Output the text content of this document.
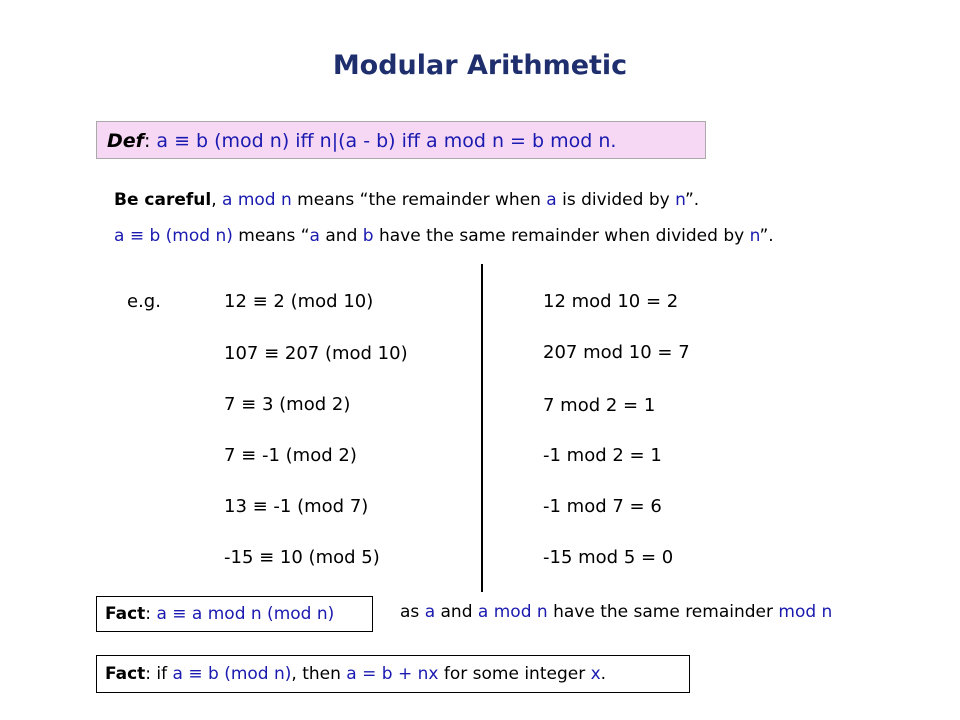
Modular Arithmetic
Def: a ≡ b (mod n) iff n|(a - b) iff a mod n = b mod n.
Be careful, a mod n means “the remainder when a is divided by n”.
a ≡ b (mod n) means “a and b have the same remainder when divided by n”.
e.g.	12 ≡ 2 (mod 10)
107 ≡ 207 (mod 10)
7 ≡ 3 (mod 2)
7 ≡ -1 (mod 2)
13 ≡ -1 (mod 7)
-15 ≡ 10 (mod 5)
12 mod 10 = 2
207 mod 10 = 7
7 mod 2 = 1
-1 mod 2 = 1
-1 mod 7 = 6
-15 mod 5 = 0
Fact: a ≡ a mod n (mod n)	as a and a mod n have the same remainder mod n
Fact: if a ≡ b (mod n), then a = b + nx for some integer x.
